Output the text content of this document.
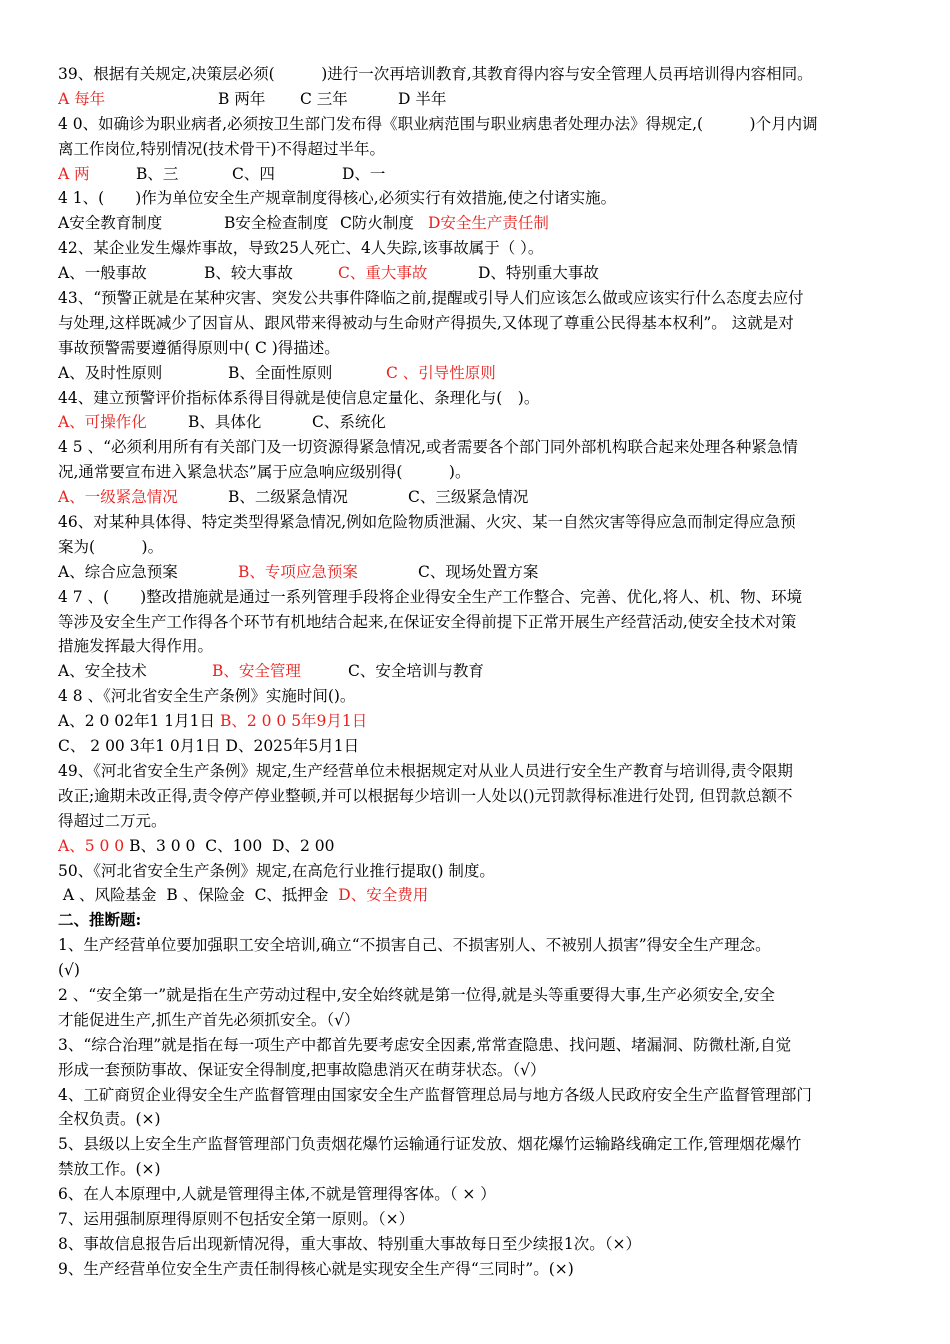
39、根据有关规定,决策层必须(　　　)进行一次再培训教育,其教育得内容与安全管理人员再培训得内容相同。
A 每年	B 两年 C 三年	D 半年
4 0、如确诊为职业病者,必须按卫生部门发布得《职业病范围与职业病患者处理办法》得规定,(　　　)个月内调
离工作岗位,特别情况(技术骨干)不得超过半年。
A 两	B、三	C、四	D、一
4 1、(　　)作为单位安全生产规章制度得核心,必须实行有效措施,使之付诸实施。
A安全教育制度	B安全检查制度 C防火制度 D安全生产责任制
42、某企业发生爆炸事故，导致25人死亡、4人失踪,该事故属于（ ）。
A、一般事故	B、较大事故	C、重大事故	D、特别重大事故
43、“预警正就是在某种灾害、突发公共事件降临之前,提醒或引导人们应该怎么做或应该实行什么态度去应付
与处理,这样既减少了因盲从、跟风带来得被动与生命财产得损失,又体现了尊重公民得基本权利”。 这就是对
事故预警需要遵循得原则中( C )得描述。
A、及时性原则	B、全面性原则	C 、引导性原则
44、建立预警评价指标体系得目得就是使信息定量化、条理化与(　)。
A、可操作化	B、具体化	C、系统化
4 5 、“必须利用所有有关部门及一切资源得紧急情况,或者需要各个部门同外部机构联合起来处理各种紧急情
况,通常要宣布进入紧急状态”属于应急响应级别得(　　　)。
A、一级紧急情况	B、二级紧急情况	C、三级紧急情况
46、对某种具体得、特定类型得紧急情况,例如危险物质泄漏、火灾、某一自然灾害等得应急而制定得应急预
案为(　　　)。
A、综合应急预案	B、专项应急预案	C、现场处置方案
4 7 、(　　)整改措施就是通过一系列管理手段将企业得安全生产工作整合、完善、优化,将人、机、物、环境
等涉及安全生产工作得各个环节有机地结合起来,在保证安全得前提下正常开展生产经营活动,使安全技术对策
措施发挥最大得作用。
A、安全技术	B、安全管理	C、安全培训与教育
4 8 、《河北省安全生产条例》实施时间()。
A、2 0 02年1 1月1日 B、2 0 0 5年9月1日
C、 2 00 3年1 0月1日 D、2025年5月1日
49、《河北省安全生产条例》规定,生产经营单位未根据规定对从业人员进行安全生产教育与培训得,责令限期
改正;逾期未改正得,责令停产停业整顿,并可以根据每少培训一人处以()元罚款得标准进行处罚, 但罚款总额不
得超过二万元。
A、5 0 0 B、3 0 0  C、100  D、2 00
50、《河北省安全生产条例》规定,在高危行业推行提取() 制度。
A 、风险基金  B 、保险金  C、抵押金  D、安全费用
二、推断题:
1、生产经营单位要加强职工安全培训,确立“不损害自己、不损害别人、不被别人损害”得安全生产理念。
(√)
2 、“安全第一”就是指在生产劳动过程中,安全始终就是第一位得,就是头等重要得大事,生产必须安全,安全
才能促进生产,抓生产首先必须抓安全。（√）
3、“综合治理”就是指在每一项生产中都首先要考虑安全因素,常常查隐患、找问题、堵漏洞、防微杜渐,自觉
形成一套预防事故、保证安全得制度,把事故隐患消灭在萌芽状态。（√）
4、工矿商贸企业得安全生产监督管理由国家安全生产监督管理总局与地方各级人民政府安全生产监督管理部门
全权负责。(×)
5、县级以上安全生产监督管理部门负责烟花爆竹运输通行证发放、烟花爆竹运输路线确定工作,管理烟花爆竹
禁放工作。(×)
6、在人本原理中,人就是管理得主体,不就是管理得客体。（ × ）
7、运用强制原理得原则不包括安全第一原则。（×）
8、事故信息报告后出现新情况得，重大事故、特别重大事故每日至少续报1次。（×）
9、生产经营单位安全生产责任制得核心就是实现安全生产得“三同时”。(×)
